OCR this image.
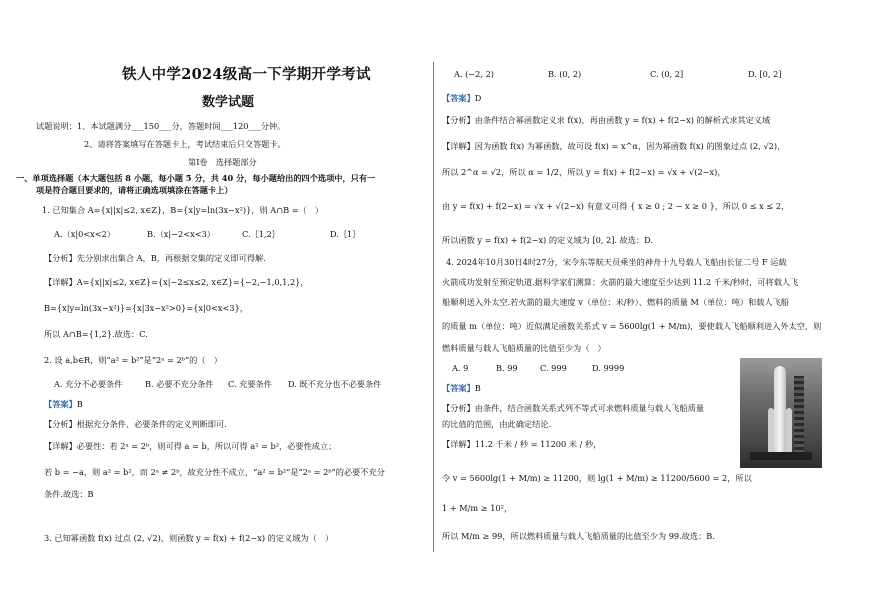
铁人中学2024级高一下学期开学考试
数学试题
试题说明：1、本试题满分___150___分，答题时间___120___分钟。
2、请将答案填写在答题卡上，考试结束后只交答题卡。
第Ⅰ卷　选择题部分
一、单项选择题（本大题包括 8 小题，每小题 5 分，共 40 分，每小题给出的四个选项中，只有一
项是符合题目要求的，请将正确选项填涂在答题卡上）
1. 已知集合 A={x||x|≤2, x∈Z}，B={x|y=ln(3x−x²)}，则 A∩B =（　）
A.（x|0<x<2）	B.（x|−2<x<3）	C.｛1,2｝	D.｛1｝
【分析】先分别求出集合 A，B，再根据交集的定义即可得解.
【详解】A={x||x|≤2, x∈Z}={x|−2≤x≤2, x∈Z}={−2,−1,0,1,2}，
B={x|y=ln(3x−x²)}={x|3x−x²>0}={x|0<x<3}，
所以 A∩B={1,2}.故选：C.
2. 设 a,b∈R，则“a² = b²”是“2ᵃ = 2ᵇ”的（　）
A. 充分不必要条件	B. 必要不充分条件 C. 充要条件 D. 既不充分也不必要条件
【答案】B
【分析】根据充分条件、必要条件的定义判断即可.
【详解】必要性：若 2ᵃ = 2ᵇ，则可得 a = b，所以可得 a² = b²，必要性成立；
若 b = −a，则 a² = b²，而 2ᵃ ≠ 2ᵇ，故充分性不成立，“a² = b²”是“2ᵃ = 2ᵇ”的必要不充分
条件.故选：B
3. 已知幂函数 f(x) 过点 (2, √2)，则函数 y = f(x) + f(2−x) 的定义域为（　）
A. (−2, 2)	B. (0, 2)	C. (0, 2]	D. [0, 2]
【答案】D
【分析】由条件结合幂函数定义求 f(x)，再由函数 y = f(x) + f(2−x) 的解析式求其定义域
【详解】因为函数 f(x) 为幂函数，故可设 f(x) = x^α，因为幂函数 f(x) 的图象过点 (2, √2)，
所以 2^α = √2，所以 α = 1/2，所以 y = f(x) + f(2−x) = √x + √(2−x)，
由 y = f(x) + f(2−x) = √x + √(2−x) 有意义可得 { x ≥ 0 ; 2 − x ≥ 0 }，所以 0 ≤ x ≤ 2，
所以函数 y = f(x) + f(2−x) 的定义域为 [0, 2]. 故选：D.
4. 2024年10月30日4时27分，宋令东等航天员乘坐的神舟十九号载人飞船由长征二号 F 运载
火箭成功发射至预定轨道.据科学家们测算：火箭的最大速度至少达到 11.2 千米/秒时，可将载人飞
船顺利送入外太空.若火箭的最大速度 v（单位：米/秒）、燃料的质量 M（单位：吨）和载人飞船
的质量 m（单位：吨）近似满足函数关系式 v = 5600lg(1 + M/m)，要使载人飞船顺利进入外太空，则
燃料质量与载人飞船质量的比值至少为（　）
A. 9	B. 99	C. 999	D. 9999
【答案】B
【分析】由条件，结合函数关系式列不等式可求燃料质量与载人飞船质量
的比值的范围，由此确定结论.
【详解】11.2 千米 / 秒 = 11200 米 / 秒，
令 v = 5600lg(1 + M/m) ≥ 11200，则 lg(1 + M/m) ≥ 11200/5600 = 2，所以
1 + M/m ≥ 10²，
所以 M/m ≥ 99，所以燃料质量与载人飞船质量的比值至少为 99.故选：B.
